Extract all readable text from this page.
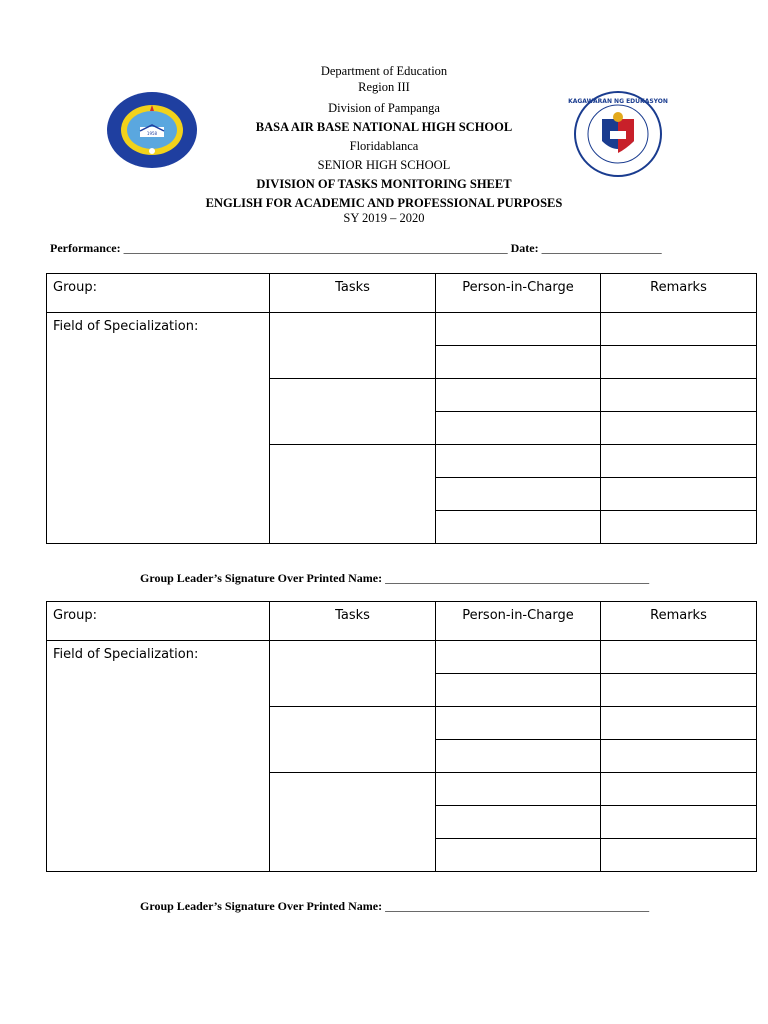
Department of Education
Region III
Division of Pampanga
BASA AIR BASE NATIONAL HIGH SCHOOL
Floridablanca
SENIOR HIGH SCHOOL
DIVISION OF TASKS MONITORING SHEET
ENGLISH FOR ACADEMIC AND PROFESSIONAL PURPOSES
SY 2019 – 2020
1958
KAGAWARAN NG EDUKASYON
Performance: ________________________________________________________________ Date: ____________________
Group:	Tasks	Person-in-Charge	Remarks
Field of Specialization:			

Group Leader’s Signature Over Printed Name: ____________________________________________
Group:	Tasks	Person-in-Charge	Remarks
Field of Specialization:			

Group Leader’s Signature Over Printed Name: ____________________________________________
